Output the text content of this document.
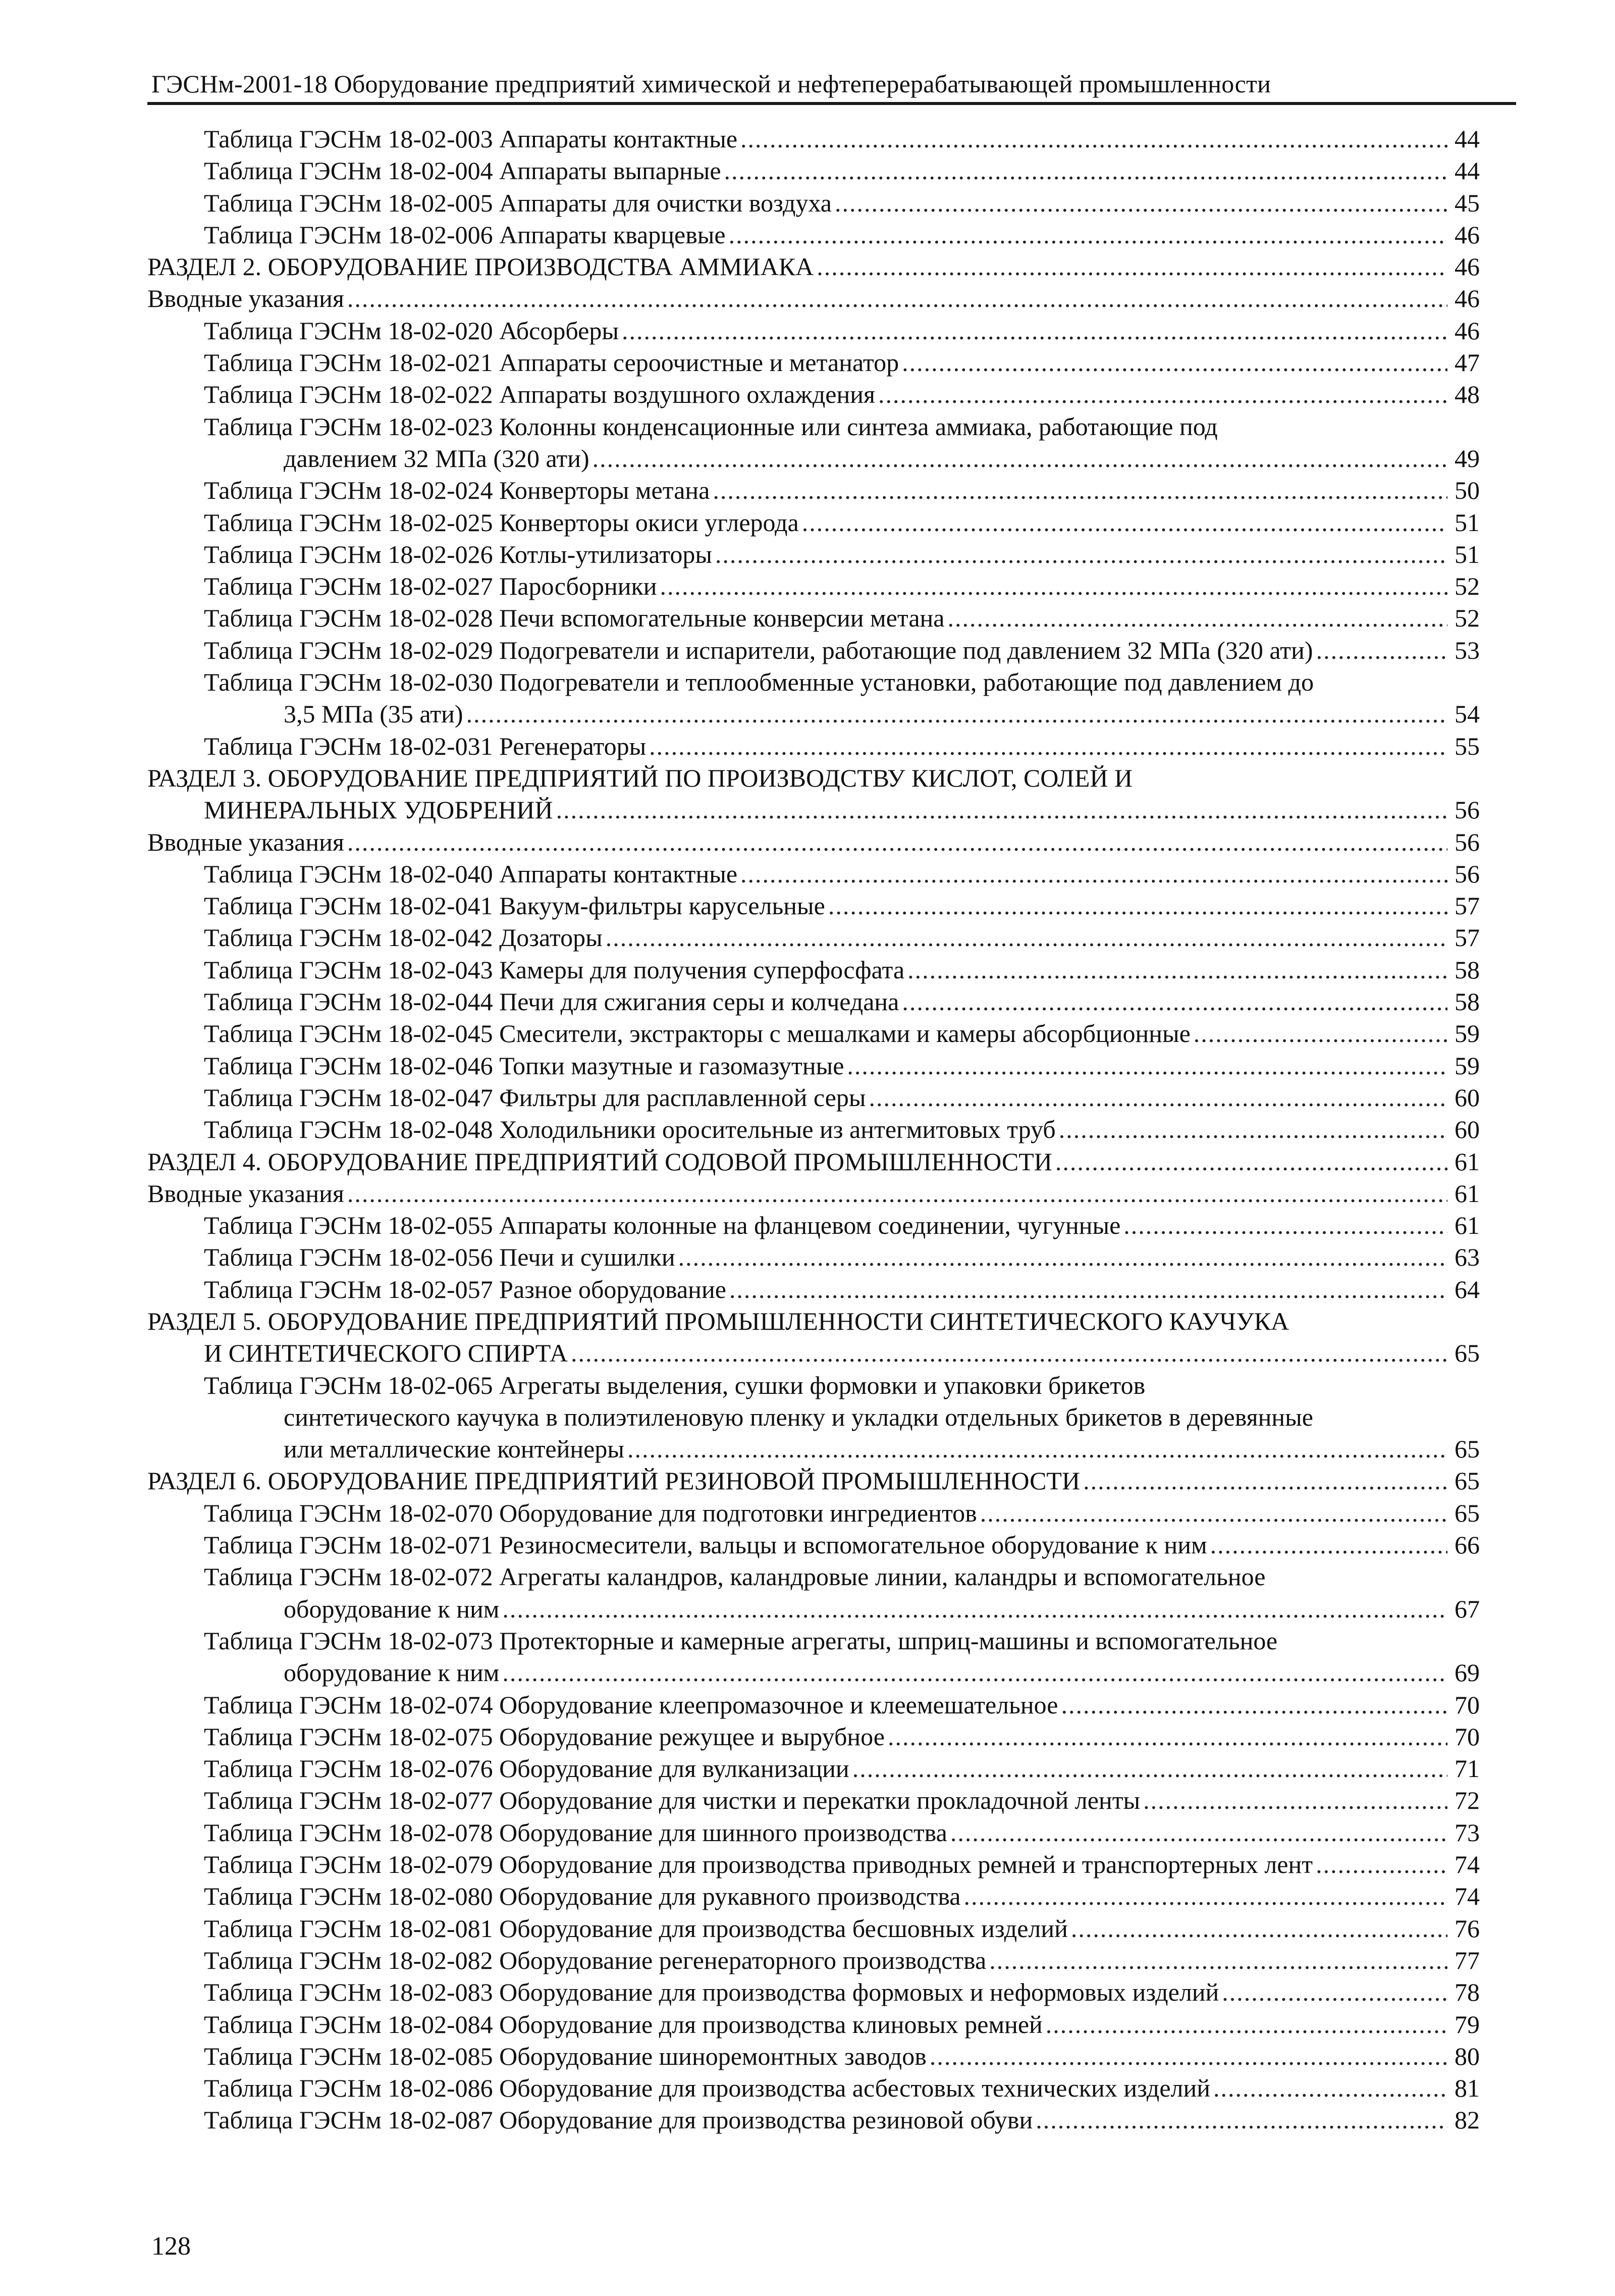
ГЭСНм-2001-18 Оборудование предприятий химической и нефтеперерабатывающей промышленности
Таблица ГЭСНм 18-02-003 Аппараты контактные .....	44
Таблица ГЭСНм 18-02-004 Аппараты выпарные .....	44
Таблица ГЭСНм 18-02-005 Аппараты для очистки воздуха .....	45
Таблица ГЭСНм 18-02-006 Аппараты кварцевые .....	46
РАЗДЕЛ 2. ОБОРУДОВАНИЕ ПРОИЗВОДСТВА АММИАКА .....	46
Вводные указания .....	46
Таблица ГЭСНм 18-02-020 Абсорберы .....	46
Таблица ГЭСНм 18-02-021 Аппараты сероочистные и метанатор .....	47
Таблица ГЭСНм 18-02-022 Аппараты воздушного охлаждения .....	48
Таблица ГЭСНм 18-02-023 Колонны конденсационные или синтеза аммиака, работающие под
давлением 32 МПа (320 ати) .....	49
Таблица ГЭСНм 18-02-024 Конверторы метана .....	50
Таблица ГЭСНм 18-02-025 Конверторы окиси углерода .....	51
Таблица ГЭСНм 18-02-026 Котлы-утилизаторы .....	51
Таблица ГЭСНм 18-02-027 Паросборники .....	52
Таблица ГЭСНм 18-02-028 Печи вспомогательные конверсии метана .....	52
Таблица ГЭСНм 18-02-029 Подогреватели и испарители, работающие под давлением 32 МПа (320 ати) .....	53
Таблица ГЭСНм 18-02-030 Подогреватели и теплообменные установки, работающие под давлением до
3,5 МПа (35 ати) .....	54
Таблица ГЭСНм 18-02-031 Регенераторы .....	55
РАЗДЕЛ 3. ОБОРУДОВАНИЕ ПРЕДПРИЯТИЙ ПО ПРОИЗВОДСТВУ КИСЛОТ, СОЛЕЙ И
МИНЕРАЛЬНЫХ УДОБРЕНИЙ .....	56
Вводные указания .....	56
Таблица ГЭСНм 18-02-040 Аппараты контактные .....	56
Таблица ГЭСНм 18-02-041 Вакуум-фильтры карусельные .....	57
Таблица ГЭСНм 18-02-042 Дозаторы .....	57
Таблица ГЭСНм 18-02-043 Камеры для получения суперфосфата .....	58
Таблица ГЭСНм 18-02-044 Печи для сжигания серы и колчедана .....	58
Таблица ГЭСНм 18-02-045 Смесители, экстракторы с мешалками и камеры абсорбционные .....	59
Таблица ГЭСНм 18-02-046 Топки мазутные и газомазутные .....	59
Таблица ГЭСНм 18-02-047 Фильтры для расплавленной серы .....	60
Таблица ГЭСНм 18-02-048 Холодильники оросительные из антегмитовых труб .....	60
РАЗДЕЛ 4. ОБОРУДОВАНИЕ ПРЕДПРИЯТИЙ СОДОВОЙ ПРОМЫШЛЕННОСТИ .....	61
Вводные указания .....	61
Таблица ГЭСНм 18-02-055 Аппараты колонные на фланцевом соединении, чугунные .....	61
Таблица ГЭСНм 18-02-056 Печи и сушилки .....	63
Таблица ГЭСНм 18-02-057 Разное оборудование .....	64
РАЗДЕЛ 5. ОБОРУДОВАНИЕ ПРЕДПРИЯТИЙ ПРОМЫШЛЕННОСТИ СИНТЕТИЧЕСКОГО КАУЧУКА
И СИНТЕТИЧЕСКОГО СПИРТА .....	65
Таблица ГЭСНм 18-02-065 Агрегаты выделения, сушки формовки и упаковки брикетов
синтетического каучука в полиэтиленовую пленку и укладки отдельных брикетов в деревянные
или металлические контейнеры .....	65
РАЗДЕЛ 6. ОБОРУДОВАНИЕ ПРЕДПРИЯТИЙ РЕЗИНОВОЙ ПРОМЫШЛЕННОСТИ .....	65
Таблица ГЭСНм 18-02-070 Оборудование для подготовки ингредиентов .....	65
Таблица ГЭСНм 18-02-071 Резиносмесители, вальцы и вспомогательное оборудование к ним .....	66
Таблица ГЭСНм 18-02-072 Агрегаты каландров, каландровые линии, каландры и вспомогательное
оборудование к ним .....	67
Таблица ГЭСНм 18-02-073 Протекторные и камерные агрегаты, шприц-машины и вспомогательное
оборудование к ним .....	69
Таблица ГЭСНм 18-02-074 Оборудование клеепромазочное и клеемешательное .....	70
Таблица ГЭСНм 18-02-075 Оборудование режущее и вырубное .....	70
Таблица ГЭСНм 18-02-076 Оборудование для вулканизации .....	71
Таблица ГЭСНм 18-02-077 Оборудование для чистки и перекатки прокладочной ленты .....	72
Таблица ГЭСНм 18-02-078 Оборудование для шинного производства .....	73
Таблица ГЭСНм 18-02-079 Оборудование для производства приводных ремней и транспортерных лент .....	74
Таблица ГЭСНм 18-02-080 Оборудование для рукавного производства .....	74
Таблица ГЭСНм 18-02-081 Оборудование для производства бесшовных изделий .....	76
Таблица ГЭСНм 18-02-082 Оборудование регенераторного производства .....	77
Таблица ГЭСНм 18-02-083 Оборудование для производства формовых и неформовых изделий .....	78
Таблица ГЭСНм 18-02-084 Оборудование для производства клиновых ремней .....	79
Таблица ГЭСНм 18-02-085 Оборудование шиноремонтных заводов .....	80
Таблица ГЭСНм 18-02-086 Оборудование для производства асбестовых технических изделий .....	81
Таблица ГЭСНм 18-02-087 Оборудование для производства резиновой обуви .....	82
128
